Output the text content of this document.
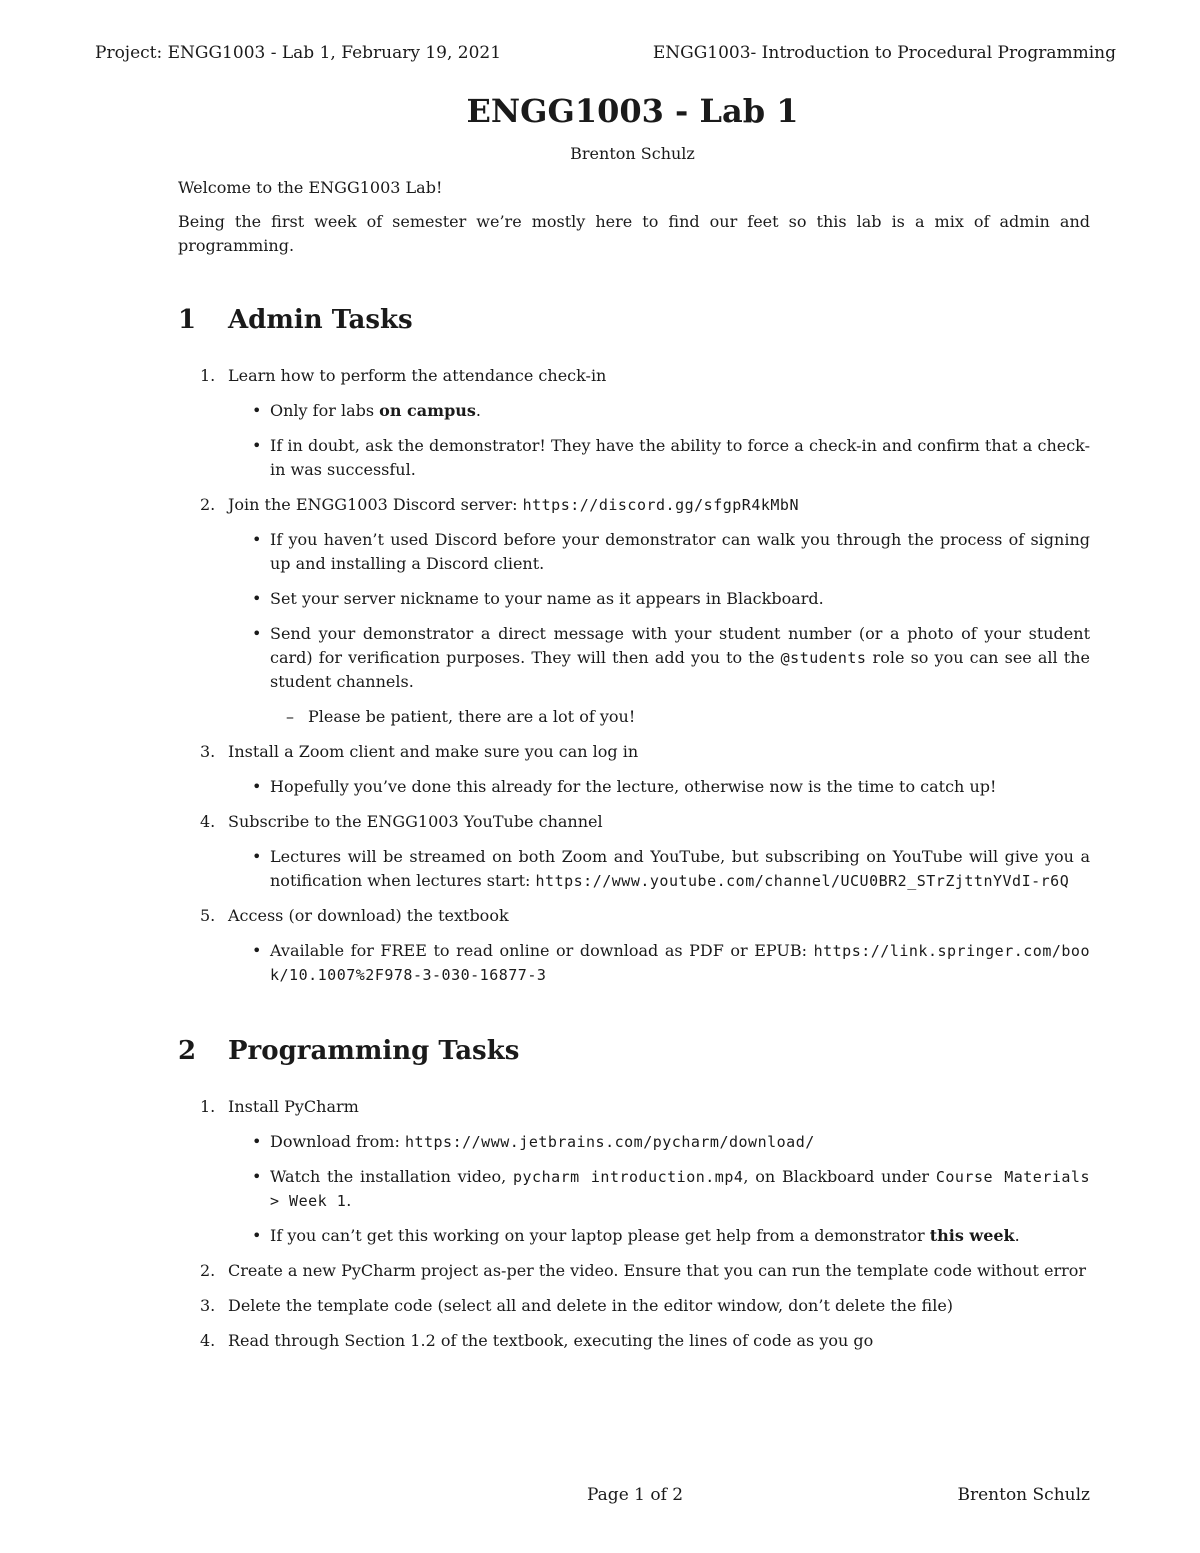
Project: ENGG1003 - Lab 1, February 19, 2021	ENGG1003- Introduction to Procedural Programming
ENGG1003 - Lab 1
Brenton Schulz

Welcome to the ENGG1003 Lab!

Being the first week of semester we’re mostly here to find our feet so this lab is a mix of admin and programming.

1 Admin Tasks
1. Learn how to perform the attendance check-in
• Only for labs on campus.
• If in doubt, ask the demonstrator! They have the ability to force a check-in and confirm that a check-in was successful.
2. Join the ENGG1003 Discord server: https://discord.gg/sfgpR4kMbN
• If you haven’t used Discord before your demonstrator can walk you through the process of signing up and installing a Discord client.
• Set your server nickname to your name as it appears in Blackboard.
• Send your demonstrator a direct message with your student number (or a photo of your student card) for verification purposes. They will then add you to the @students role so you can see all the student channels.
– Please be patient, there are a lot of you!
3. Install a Zoom client and make sure you can log in
• Hopefully you’ve done this already for the lecture, otherwise now is the time to catch up!
4. Subscribe to the ENGG1003 YouTube channel
• Lectures will be streamed on both Zoom and YouTube, but subscribing on YouTube will give you a notification when lectures start: https://www.youtube.com/channel/UCU0BR2_STrZjttnYVdI-r6Q
5. Access (or download) the textbook
• Available for FREE to read online or download as PDF or EPUB: https://link.springer.com/book/10.1007%2F978-3-030-16877-3
2 Programming Tasks
1. Install PyCharm
• Download from: https://www.jetbrains.com/pycharm/download/
• Watch the installation video, pycharm introduction.mp4, on Blackboard under Course Materials > Week 1.
• If you can’t get this working on your laptop please get help from a demonstrator this week.
2. Create a new PyCharm project as-per the video. Ensure that you can run the template code without error
3. Delete the template code (select all and delete in the editor window, don’t delete the file)
4. Read through Section 1.2 of the textbook, executing the lines of code as you go
Page 1 of 2	Brenton Schulz
